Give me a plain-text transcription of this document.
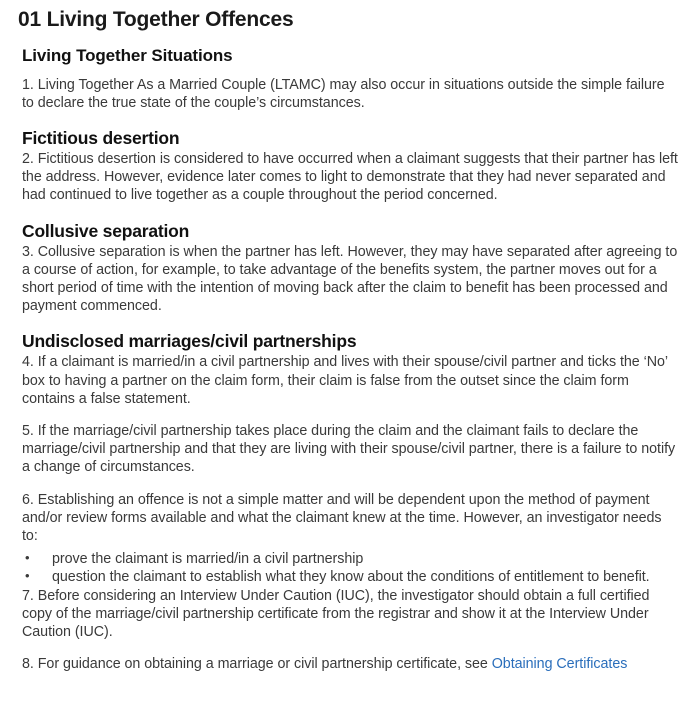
01 Living Together Offences
Living Together Situations

1. Living Together As a Married Couple (LTAMC) may also occur in situations outside the simple failure to declare the true state of the couple’s circumstances.

Fictitious desertion

2. Fictitious desertion is considered to have occurred when a claimant suggests that their partner has left the address. However, evidence later comes to light to demonstrate that they had never separated and had continued to live together as a couple throughout the period concerned.

Collusive separation

3. Collusive separation is when the partner has left. However, they may have separated after agreeing to a course of action, for example, to take advantage of the benefits system, the partner moves out for a short period of time with the intention of moving back after the claim to benefit has been processed and payment commenced.

Undisclosed marriages/civil partnerships

4. If a claimant is married/in a civil partnership and lives with their spouse/civil partner and ticks the ‘No’ box to having a partner on the claim form, their claim is false from the outset since the claim form contains a false statement.

5. If the marriage/civil partnership takes place during the claim and the claimant fails to declare the marriage/civil partnership and that they are living with their spouse/civil partner, there is a failure to notify a change of circumstances.

6. Establishing an offence is not a simple matter and will be dependent upon the method of payment and/or review forms available and what the claimant knew at the time. However, an investigator needs to:

• prove the claimant is married/in a civil partnership
• question the claimant to establish what they know about the conditions of entitlement to benefit.

7. Before considering an Interview Under Caution (IUC), the investigator should obtain a full certified copy of the marriage/civil partnership certificate from the registrar and show it at the Interview Under Caution (IUC).

8. For guidance on obtaining a marriage or civil partnership certificate, see Obtaining Certificates
